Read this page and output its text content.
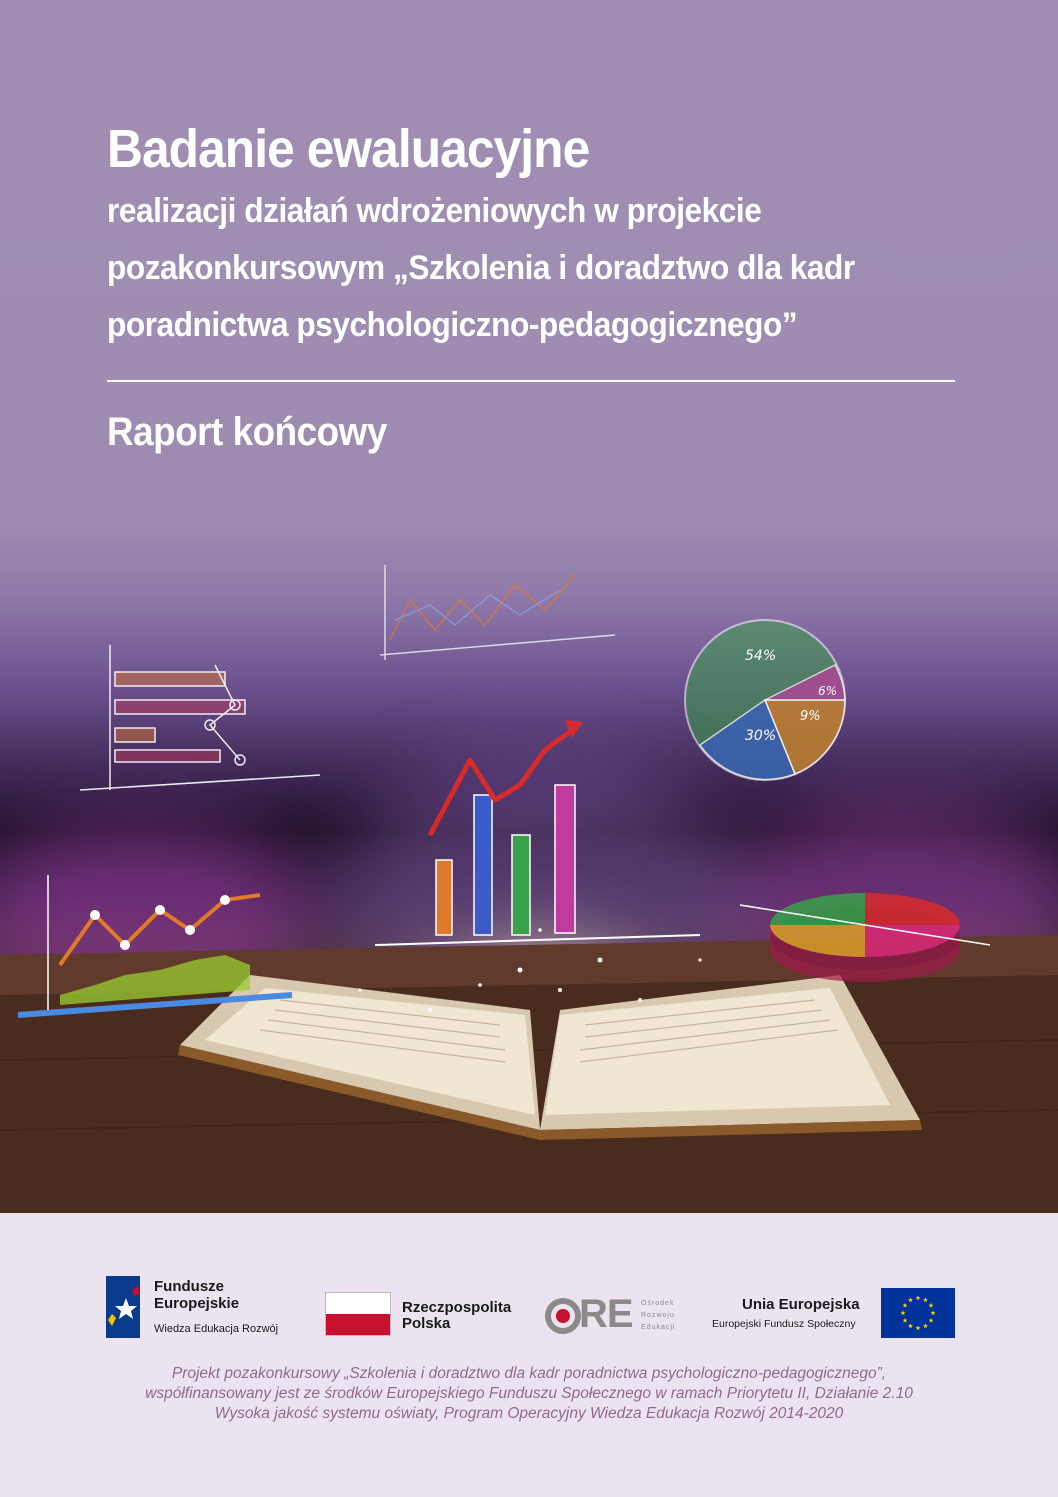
Badanie ewaluacyjne
realizacji działań wdrożeniowych w projekcie
pozakonkursowym „Szkolenia i doradztwo dla kadr
poradnictwa psychologiczno-pedagogicznego”
Raport końcowy
54%
30%
9%
6%
Fundusze
Europejskie
Wiedza Edukacja Rozwój
Rzeczpospolita
Polska	RE Ośrodek
Rozwoju
Edukacji
Unia Europejska
Europejski Fundusz Społeczny

Projekt pozakonkursowy „Szkolenia i doradztwo dla kadr poradnictwa psychologiczno-pedagogicznego”,

współfinansowany jest ze środków Europejskiego Funduszu Społecznego w ramach Priorytetu II, Działanie 2.10

Wysoka jakość systemu oświaty, Program Operacyjny Wiedza Edukacja Rozwój 2014-2020
